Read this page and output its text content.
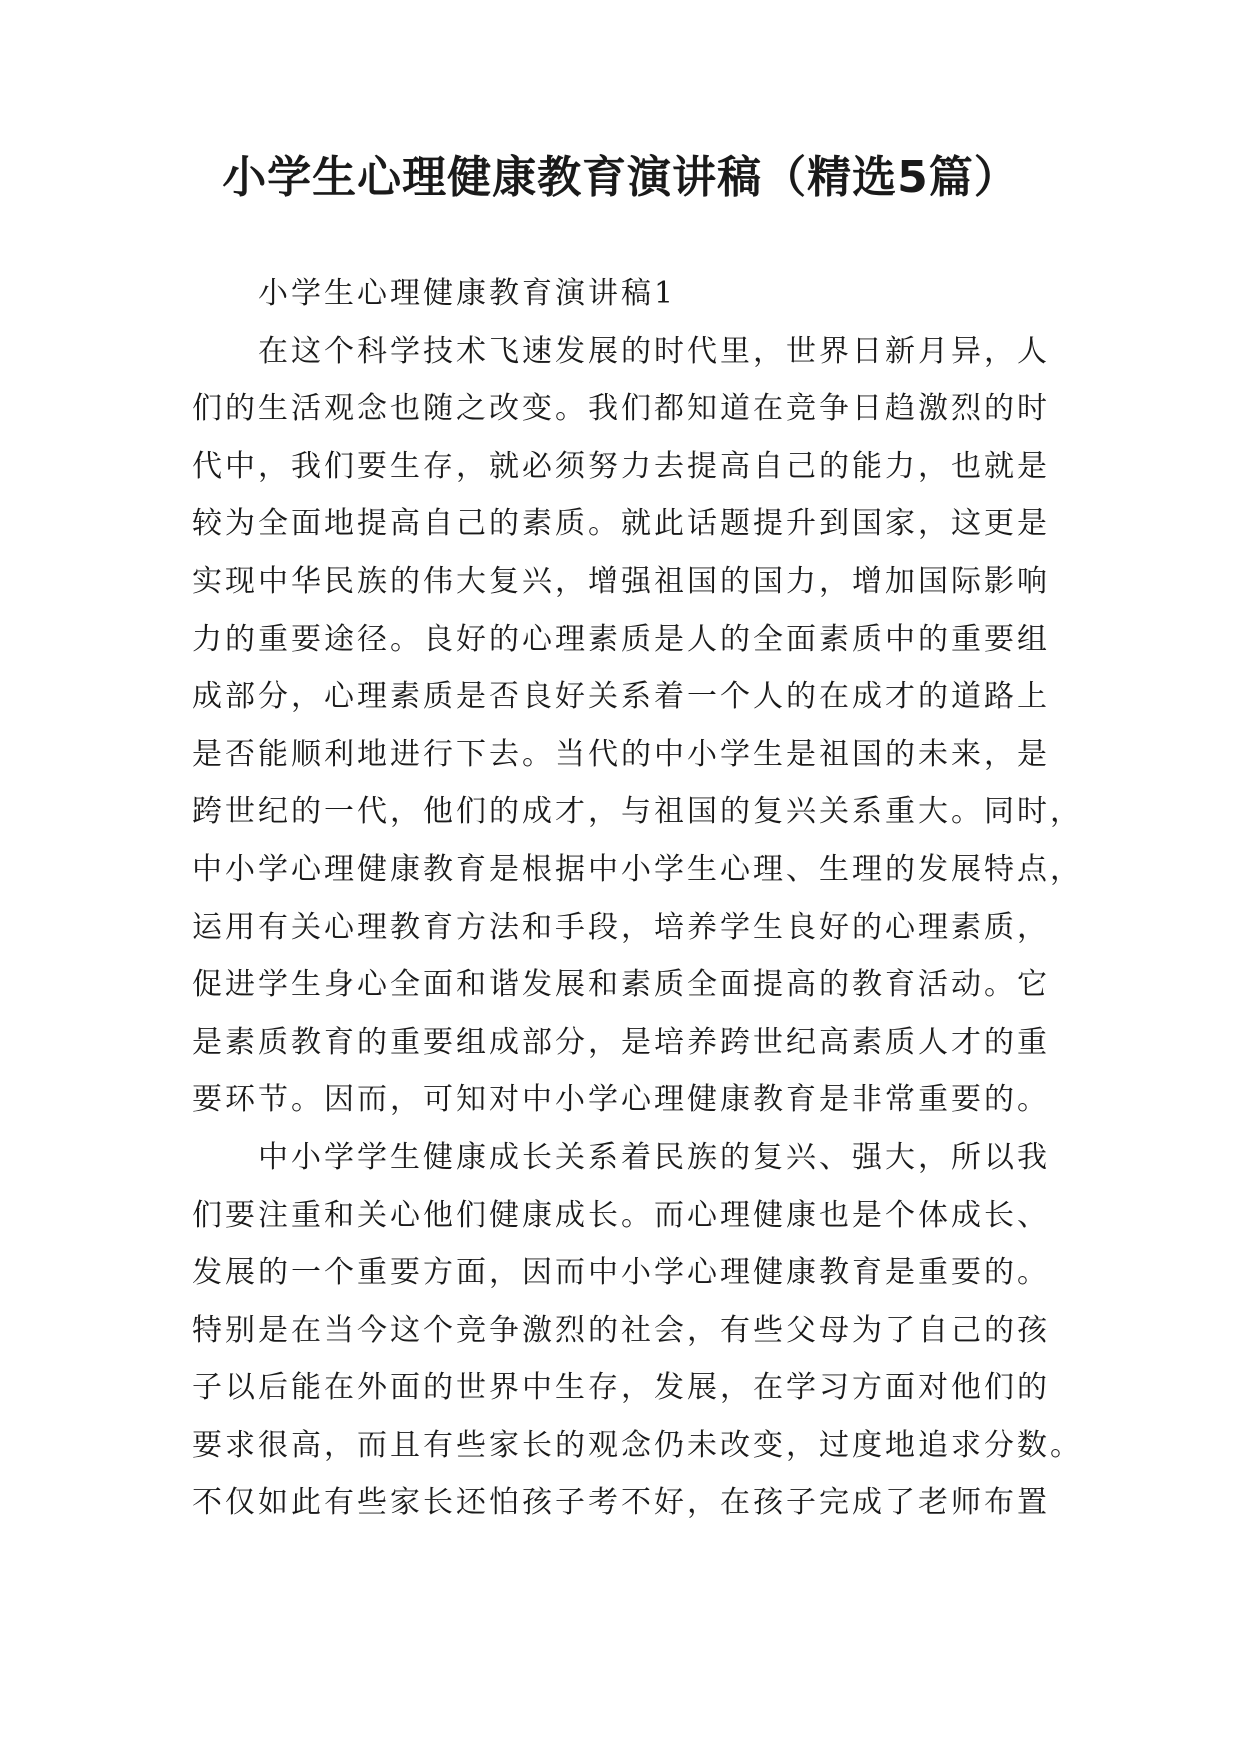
小学生心理健康教育演讲稿（精选5篇）
小学生心理健康教育演讲稿1
在这个科学技术飞速发展的时代里，世界日新月异，人
们的生活观念也随之改变。我们都知道在竞争日趋激烈的时
代中，我们要生存，就必须努力去提高自己的能力，也就是
较为全面地提高自己的素质。就此话题提升到国家，这更是
实现中华民族的伟大复兴，增强祖国的国力，增加国际影响
力的重要途径。良好的心理素质是人的全面素质中的重要组
成部分，心理素质是否良好关系着一个人的在成才的道路上
是否能顺利地进行下去。当代的中小学生是祖国的未来，是
跨世纪的一代，他们的成才，与祖国的复兴关系重大。同时，
中小学心理健康教育是根据中小学生心理、生理的发展特点，
运用有关心理教育方法和手段，培养学生良好的心理素质，
促进学生身心全面和谐发展和素质全面提高的教育活动。它
是素质教育的重要组成部分，是培养跨世纪高素质人才的重
要环节。因而，可知对中小学心理健康教育是非常重要的。
中小学学生健康成长关系着民族的复兴、强大，所以我
们要注重和关心他们健康成长。而心理健康也是个体成长、
发展的一个重要方面，因而中小学心理健康教育是重要的。
特别是在当今这个竞争激烈的社会，有些父母为了自己的孩
子以后能在外面的世界中生存，发展，在学习方面对他们的
要求很高，而且有些家长的观念仍未改变，过度地追求分数。
不仅如此有些家长还怕孩子考不好，在孩子完成了老师布置
